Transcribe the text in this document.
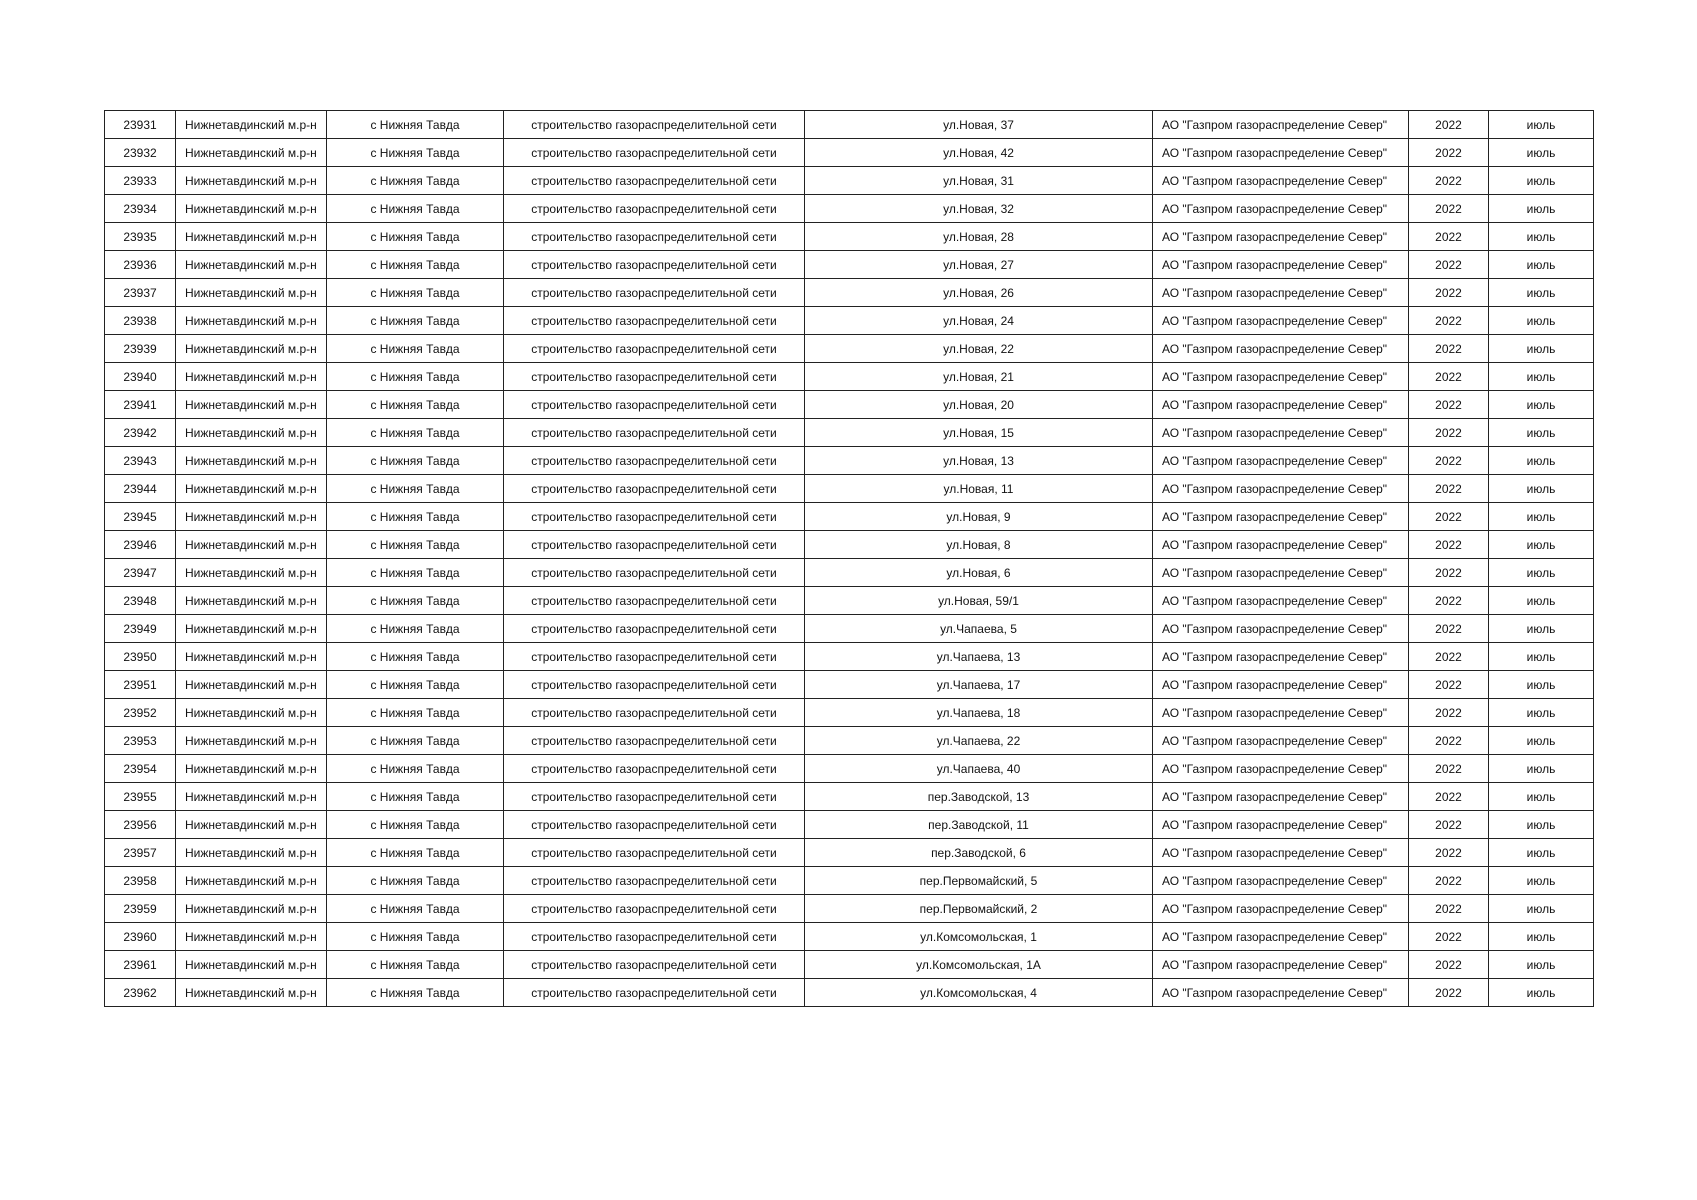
23931	Нижнетавдинский м.р-н	с Нижняя Тавда	строительство газораспределительной сети	ул.Новая, 37	АО "Газпром газораспределение Север"	2022	июль
23932	Нижнетавдинский м.р-н	с Нижняя Тавда	строительство газораспределительной сети	ул.Новая, 42	АО "Газпром газораспределение Север"	2022	июль
23933	Нижнетавдинский м.р-н	с Нижняя Тавда	строительство газораспределительной сети	ул.Новая, 31	АО "Газпром газораспределение Север"	2022	июль
23934	Нижнетавдинский м.р-н	с Нижняя Тавда	строительство газораспределительной сети	ул.Новая, 32	АО "Газпром газораспределение Север"	2022	июль
23935	Нижнетавдинский м.р-н	с Нижняя Тавда	строительство газораспределительной сети	ул.Новая, 28	АО "Газпром газораспределение Север"	2022	июль
23936	Нижнетавдинский м.р-н	с Нижняя Тавда	строительство газораспределительной сети	ул.Новая, 27	АО "Газпром газораспределение Север"	2022	июль
23937	Нижнетавдинский м.р-н	с Нижняя Тавда	строительство газораспределительной сети	ул.Новая, 26	АО "Газпром газораспределение Север"	2022	июль
23938	Нижнетавдинский м.р-н	с Нижняя Тавда	строительство газораспределительной сети	ул.Новая, 24	АО "Газпром газораспределение Север"	2022	июль
23939	Нижнетавдинский м.р-н	с Нижняя Тавда	строительство газораспределительной сети	ул.Новая, 22	АО "Газпром газораспределение Север"	2022	июль
23940	Нижнетавдинский м.р-н	с Нижняя Тавда	строительство газораспределительной сети	ул.Новая, 21	АО "Газпром газораспределение Север"	2022	июль
23941	Нижнетавдинский м.р-н	с Нижняя Тавда	строительство газораспределительной сети	ул.Новая, 20	АО "Газпром газораспределение Север"	2022	июль
23942	Нижнетавдинский м.р-н	с Нижняя Тавда	строительство газораспределительной сети	ул.Новая, 15	АО "Газпром газораспределение Север"	2022	июль
23943	Нижнетавдинский м.р-н	с Нижняя Тавда	строительство газораспределительной сети	ул.Новая, 13	АО "Газпром газораспределение Север"	2022	июль
23944	Нижнетавдинский м.р-н	с Нижняя Тавда	строительство газораспределительной сети	ул.Новая, 11	АО "Газпром газораспределение Север"	2022	июль
23945	Нижнетавдинский м.р-н	с Нижняя Тавда	строительство газораспределительной сети	ул.Новая, 9	АО "Газпром газораспределение Север"	2022	июль
23946	Нижнетавдинский м.р-н	с Нижняя Тавда	строительство газораспределительной сети	ул.Новая, 8	АО "Газпром газораспределение Север"	2022	июль
23947	Нижнетавдинский м.р-н	с Нижняя Тавда	строительство газораспределительной сети	ул.Новая, 6	АО "Газпром газораспределение Север"	2022	июль
23948	Нижнетавдинский м.р-н	с Нижняя Тавда	строительство газораспределительной сети	ул.Новая, 59/1	АО "Газпром газораспределение Север"	2022	июль
23949	Нижнетавдинский м.р-н	с Нижняя Тавда	строительство газораспределительной сети	ул.Чапаева, 5	АО "Газпром газораспределение Север"	2022	июль
23950	Нижнетавдинский м.р-н	с Нижняя Тавда	строительство газораспределительной сети	ул.Чапаева, 13	АО "Газпром газораспределение Север"	2022	июль
23951	Нижнетавдинский м.р-н	с Нижняя Тавда	строительство газораспределительной сети	ул.Чапаева, 17	АО "Газпром газораспределение Север"	2022	июль
23952	Нижнетавдинский м.р-н	с Нижняя Тавда	строительство газораспределительной сети	ул.Чапаева, 18	АО "Газпром газораспределение Север"	2022	июль
23953	Нижнетавдинский м.р-н	с Нижняя Тавда	строительство газораспределительной сети	ул.Чапаева, 22	АО "Газпром газораспределение Север"	2022	июль
23954	Нижнетавдинский м.р-н	с Нижняя Тавда	строительство газораспределительной сети	ул.Чапаева, 40	АО "Газпром газораспределение Север"	2022	июль
23955	Нижнетавдинский м.р-н	с Нижняя Тавда	строительство газораспределительной сети	пер.Заводской, 13	АО "Газпром газораспределение Север"	2022	июль
23956	Нижнетавдинский м.р-н	с Нижняя Тавда	строительство газораспределительной сети	пер.Заводской, 11	АО "Газпром газораспределение Север"	2022	июль
23957	Нижнетавдинский м.р-н	с Нижняя Тавда	строительство газораспределительной сети	пер.Заводской, 6	АО "Газпром газораспределение Север"	2022	июль
23958	Нижнетавдинский м.р-н	с Нижняя Тавда	строительство газораспределительной сети	пер.Первомайский, 5	АО "Газпром газораспределение Север"	2022	июль
23959	Нижнетавдинский м.р-н	с Нижняя Тавда	строительство газораспределительной сети	пер.Первомайский, 2	АО "Газпром газораспределение Север"	2022	июль
23960	Нижнетавдинский м.р-н	с Нижняя Тавда	строительство газораспределительной сети	ул.Комсомольская, 1	АО "Газпром газораспределение Север"	2022	июль
23961	Нижнетавдинский м.р-н	с Нижняя Тавда	строительство газораспределительной сети	ул.Комсомольская, 1А	АО "Газпром газораспределение Север"	2022	июль
23962	Нижнетавдинский м.р-н	с Нижняя Тавда	строительство газораспределительной сети	ул.Комсомольская, 4	АО "Газпром газораспределение Север"	2022	июль
